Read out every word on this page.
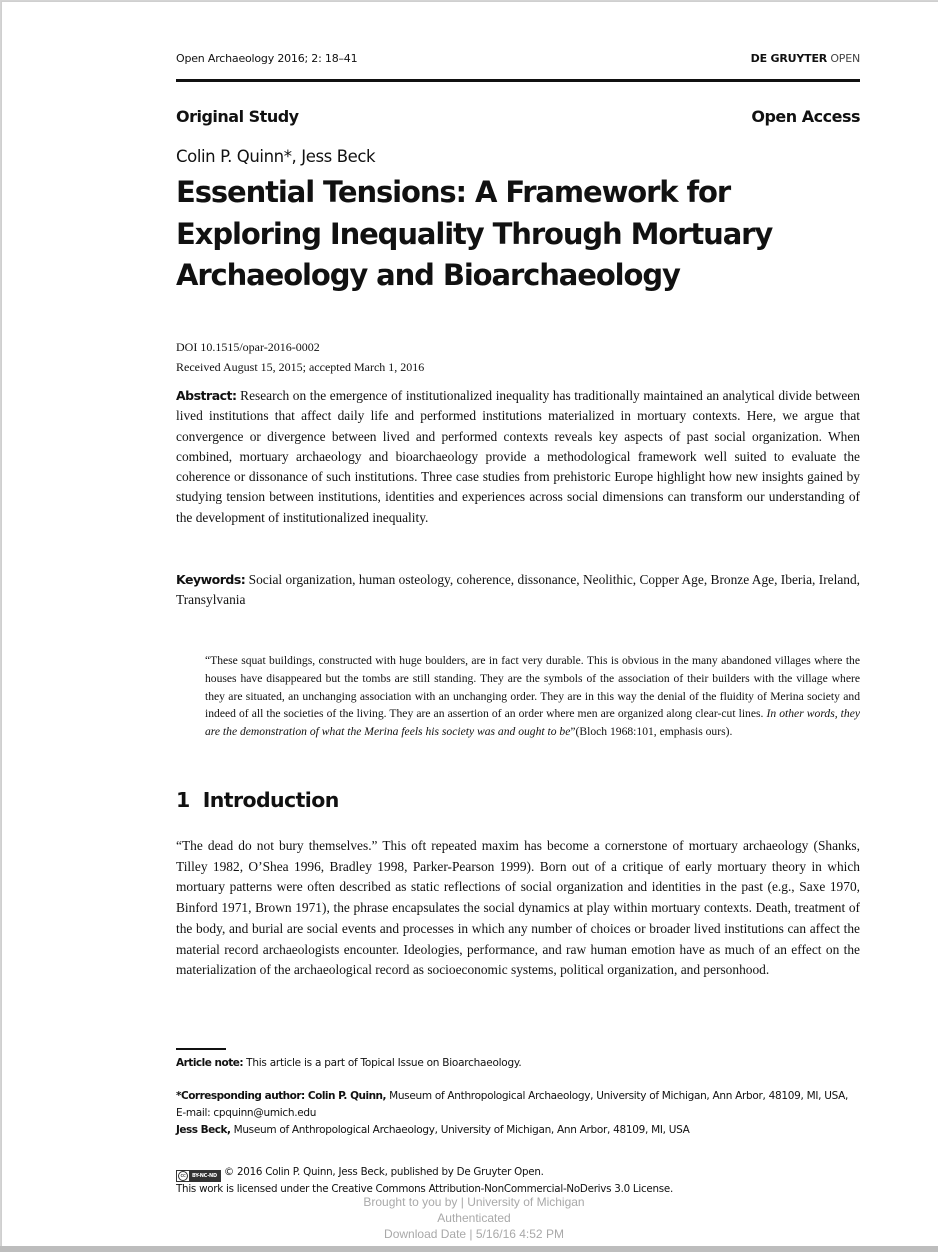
Open Archaeology 2016; 2: 18–41	DE GRUYTER OPEN
Original Study	Open Access
Colin P. Quinn*, Jess Beck
Essential Tensions: A Framework for Exploring Inequality Through Mortuary Archaeology and Bioarchaeology
DOI 10.1515/opar-2016-0002
Received August 15, 2015; accepted March 1, 2016

Abstract: Research on the emergence of institutionalized inequality has traditionally maintained an analytical divide between lived institutions that affect daily life and performed institutions materialized in mortuary contexts. Here, we argue that convergence or divergence between lived and performed contexts reveals key aspects of past social organization. When combined, mortuary archaeology and bioarchaeology provide a methodological framework well suited to evaluate the coherence or dissonance of such institutions. Three case studies from prehistoric Europe highlight how new insights gained by studying tension between institutions, identities and experiences across social dimensions can transform our understanding of the development of institutionalized inequality.

Keywords: Social organization, human osteology, coherence, dissonance, Neolithic, Copper Age, Bronze Age, Iberia, Ireland, Transylvania

“These squat buildings, constructed with huge boulders, are in fact very durable. This is obvious in the many abandoned villages where the houses have disappeared but the tombs are still standing. They are the symbols of the association of their builders with the village where they are situated, an unchanging association with an unchanging order. They are in this way the denial of the fluidity of Merina society and indeed of all the societies of the living. They are an assertion of an order where men are organized along clear-cut lines. In other words, they are the demonstration of what the Merina feels his society was and ought to be”(Bloch 1968:101, emphasis ours).

1 Introduction

“The dead do not bury themselves.” This oft repeated maxim has become a cornerstone of mortuary archaeology (Shanks, Tilley 1982, O’Shea 1996, Bradley 1998, Parker-Pearson 1999). Born out of a critique of early mortuary theory in which mortuary patterns were often described as static reflections of social organization and identities in the past (e.g., Saxe 1970, Binford 1971, Brown 1971), the phrase encapsulates the social dynamics at play within mortuary contexts. Death, treatment of the body, and burial are social events and processes in which any number of choices or broader lived institutions can affect the material record archaeologists encounter. Ideologies, performance, and raw human emotion have as much of an effect on the materialization of the archaeological record as socioeconomic systems, political organization, and personhood.

Article note: This article is a part of Topical Issue on Bioarchaeology.

*Corresponding author: Colin P. Quinn, Museum of Anthropological Archaeology, University of Michigan, Ann Arbor, 48109, MI, USA, E-mail: cpquinn@umich.edu
Jess Beck, Museum of Anthropological Archaeology, University of Michigan, Ann Arbor, 48109, MI, USA
cc	BY-NC-ND © 2016 Colin P. Quinn, Jess Beck, published by De Gruyter Open.
This work is licensed under the Creative Commons Attribution-NonCommercial-NoDerivs 3.0 License.
Brought to you by | University of Michigan
Authenticated
Download Date | 5/16/16 4:52 PM
